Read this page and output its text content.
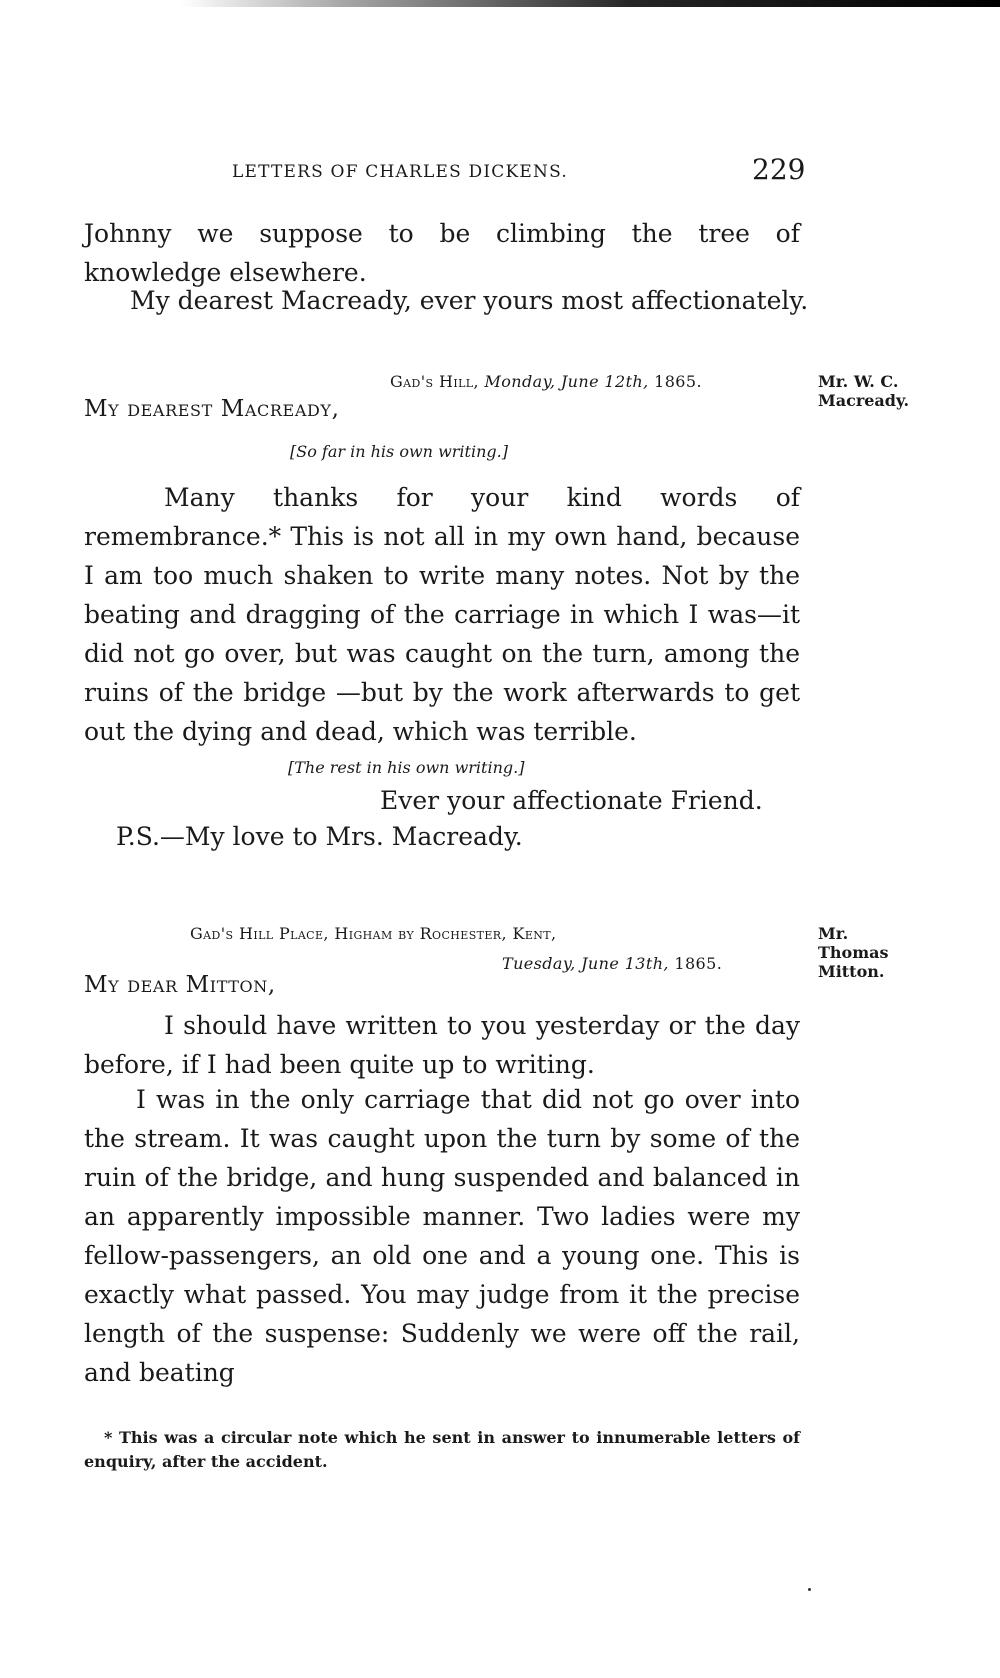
LETTERS OF CHARLES DICKENS.	229

Johnny we suppose to be climbing the tree of knowledge elsewhere.

My dearest Macready, ever yours most affectionately.
Gad's Hill, Monday, June 12th, 1865.	Mr. W. C. Macready.
My dearest Macready,
[So far in his own writing.]

Many thanks for your kind words of remembrance.* This is not all in my own hand, because I am too much shaken to write many notes. Not by the beating and dragging of the carriage in which I was—it did not go over, but was caught on the turn, among the ruins of the bridge —but by the work afterwards to get out the dying and dead, which was terrible.

[The rest in his own writing.]
Ever your affectionate Friend.
P.S.—My love to Mrs. Macready.
Gad's Hill Place, Higham by Rochester, Kent,
Tuesday, June 13th, 1865.
Mr.
Thomas
Mitton.
My dear Mitton,

I should have written to you yesterday or the day before, if I had been quite up to writing.

I was in the only carriage that did not go over into the stream. It was caught upon the turn by some of the ruin of the bridge, and hung suspended and balanced in an apparently impossible manner. Two ladies were my fellow-passengers, an old one and a young one. This is exactly what passed. You may judge from it the precise length of the suspense: Suddenly we were off the rail, and beating

* This was a circular note which he sent in answer to innumerable letters of enquiry, after the accident.
